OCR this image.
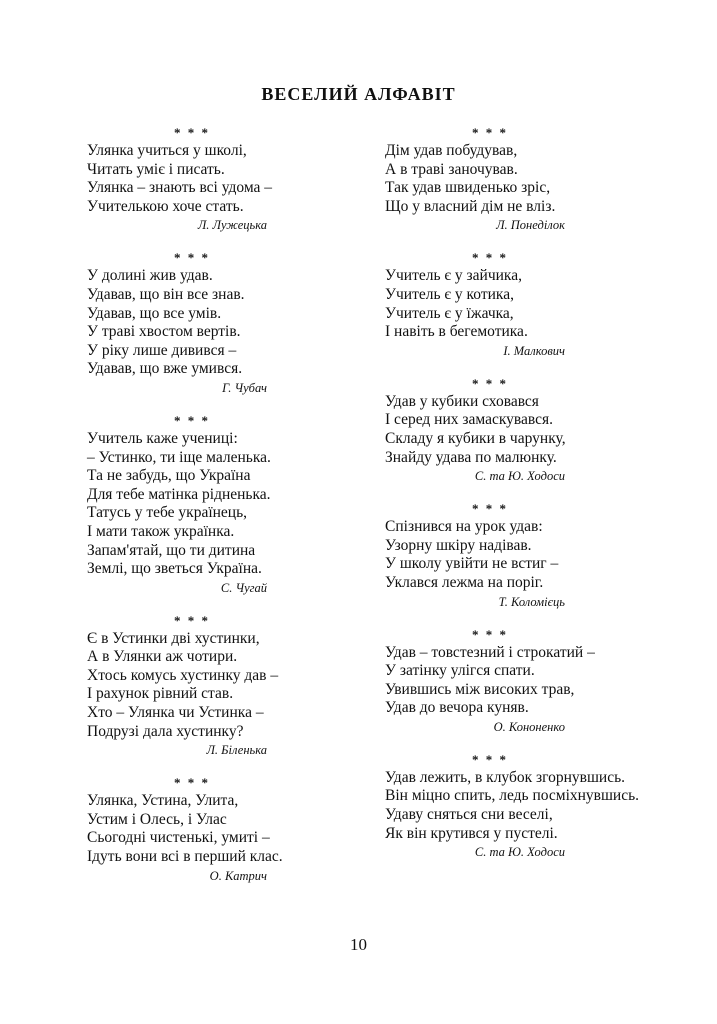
ВЕСЕЛИЙ АЛФАВІТ
* * *
Улянка учиться у школі,
Читать уміє і писать.
Улянка – знають всі удома –
Учителькою хоче стать.
Л. Лужецька
* * *
У долині жив удав.
Удавав, що він все знав.
Удавав, що все умів.
У траві хвостом вертів.
У ріку лише дивився –
Удавав, що вже умився.
Г. Чубач
* * *
Учитель каже учениці:
– Устинко, ти іще маленька.
Та не забудь, що Україна
Для тебе матінка рідненька.
Татусь у тебе українець,
І мати також українка.
Запам'ятай, що ти дитина
Землі, що зветься Україна.
С. Чугай
* * *
Є в Устинки дві хустинки,
А в Улянки аж чотири.
Хтось комусь хустинку дав –
І рахунок рівний став.
Хто – Улянка чи Устинка –
Подрузі дала хустинку?
Л. Біленька
* * *
Улянка, Устина, Улита,
Устим і Олесь, і Улас
Сьогодні чистенькі, умиті –
Ідуть вони всі в перший клас.
О. Катрич
* * *
Дім удав побудував,
А в траві заночував.
Так удав швиденько зріс,
Що у власний дім не вліз.
Л. Понеділок
* * *
Учитель є у зайчика,
Учитель є у котика,
Учитель є у їжачка,
І навіть в бегемотика.
І. Малкович
* * *
Удав у кубики сховався
І серед них замаскувався.
Складу я кубики в чарунку,
Знайду удава по малюнку.
С. та Ю. Ходоси
* * *
Спізнився на урок удав:
Узорну шкіру надівав.
У школу увійти не встиг –
Уклався лежма на поріг.
Т. Коломієць
* * *
Удав – товстезний і строкатий –
У затінку улігся спати.
Увившись між високих трав,
Удав до вечора куняв.
О. Кононенко
* * *
Удав лежить, в клубок згорнувшись.
Він міцно спить, ледь посміхнувшись.
Удаву сняться сни веселі,
Як він крутився у пустелі.
С. та Ю. Ходоси
10
